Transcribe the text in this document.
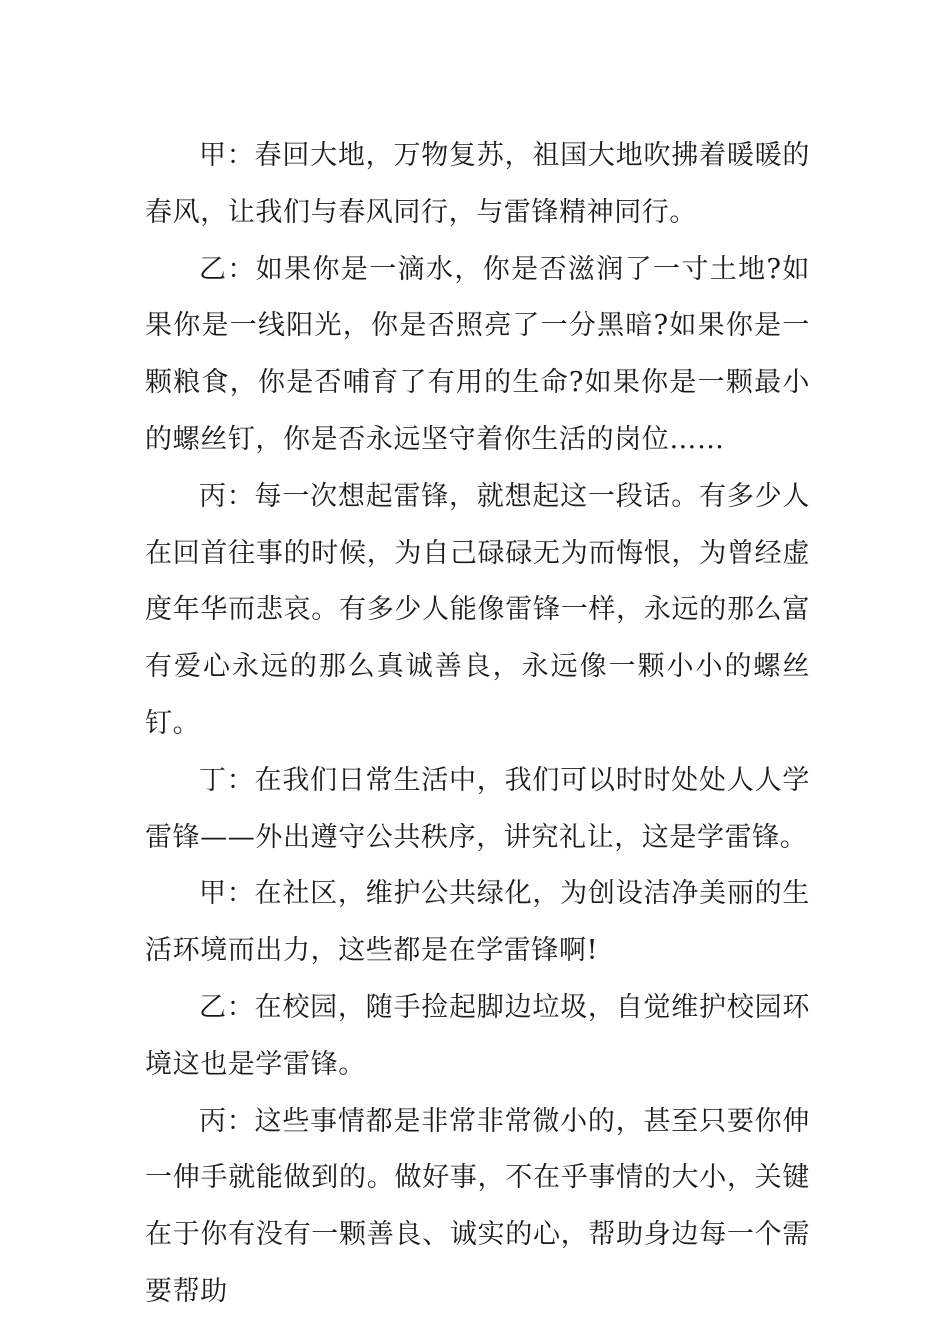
甲：春回大地，万物复苏，祖国大地吹拂着暖暖的春风，让我们与春风同行，与雷锋精神同行。

乙：如果你是一滴水，你是否滋润了一寸土地?如果你是一线阳光，你是否照亮了一分黑暗?如果你是一颗粮食，你是否哺育了有用的生命?如果你是一颗最小的螺丝钉，你是否永远坚守着你生活的岗位……

丙：每一次想起雷锋，就想起这一段话。有多少人在回首往事的时候，为自己碌碌无为而悔恨，为曾经虚度年华而悲哀。有多少人能像雷锋一样，永远的那么富有爱心永远的那么真诚善良，永远像一颗小小的螺丝钉。

丁：在我们日常生活中，我们可以时时处处人人学雷锋——外出遵守公共秩序，讲究礼让，这是学雷锋。

甲：在社区，维护公共绿化，为创设洁净美丽的生活环境而出力，这些都是在学雷锋啊!

乙：在校园，随手捡起脚边垃圾，自觉维护校园环境这也是学雷锋。

丙：这些事情都是非常非常微小的，甚至只要你伸一伸手就能做到的。做好事，不在乎事情的大小，关键在于你有没有一颗善良、诚实的心，帮助身边每一个需要帮助
